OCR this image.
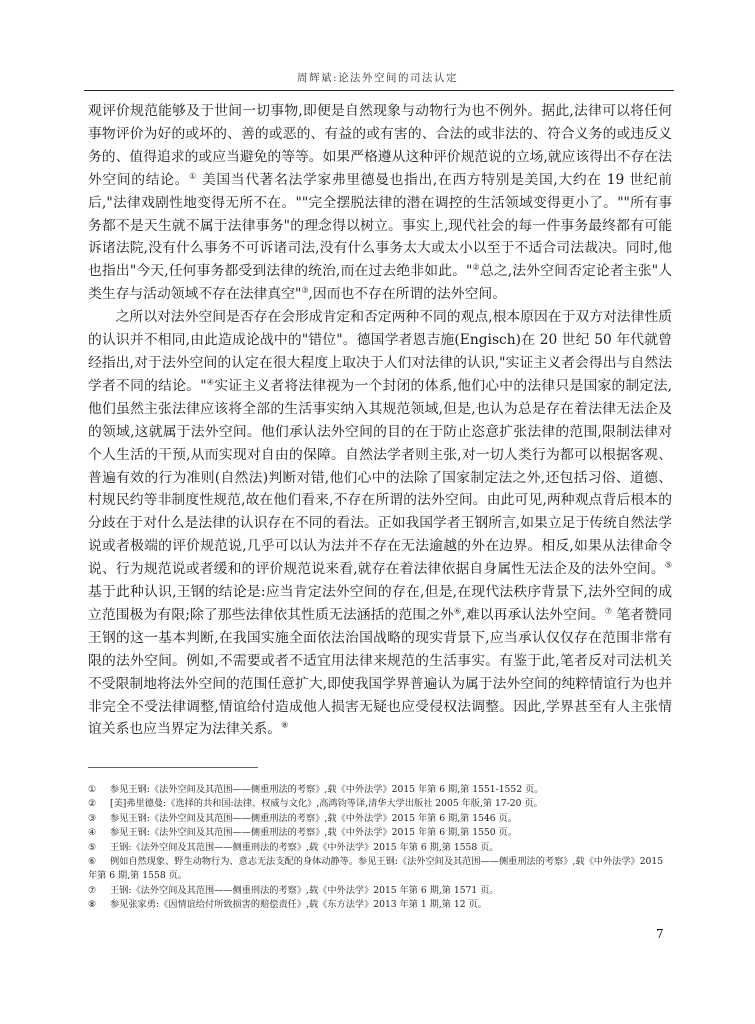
周辉斌:论法外空间的司法认定

观评价规范能够及于世间一切事物,即便是自然现象与动物行为也不例外。据此,法律可以将任何事物评价为好的或坏的、善的或恶的、有益的或有害的、合法的或非法的、符合义务的或违反义务的、值得追求的或应当避免的等等。如果严格遵从这种评价规范说的立场,就应该得出不存在法外空间的结论。① 美国当代著名法学家弗里德曼也指出,在西方特别是美国,大约在 19 世纪前后,"法律戏剧性地变得无所不在。""完全摆脱法律的潜在调控的生活领域变得更小了。""所有事务都不是天生就不属于法律事务"的理念得以树立。事实上,现代社会的每一件事务最终都有可能诉诸法院,没有什么事务不可诉诸司法,没有什么事务太大或太小以至于不适合司法裁决。同时,他也指出"今天,任何事务都受到法律的统治,而在过去绝非如此。"②总之,法外空间否定论者主张"人类生存与活动领域不存在法律真空"③,因而也不存在所谓的法外空间。

之所以对法外空间是否存在会形成肯定和否定两种不同的观点,根本原因在于双方对法律性质的认识并不相同,由此造成论战中的"错位"。德国学者恩吉施(Engisch)在 20 世纪 50 年代就曾经指出,对于法外空间的认定在很大程度上取决于人们对法律的认识,"实证主义者会得出与自然法学者不同的结论。"④实证主义者将法律视为一个封闭的体系,他们心中的法律只是国家的制定法,他们虽然主张法律应该将全部的生活事实纳入其规范领域,但是,也认为总是存在着法律无法企及的领域,这就属于法外空间。他们承认法外空间的目的在于防止恣意扩张法律的范围,限制法律对个人生活的干预,从而实现对自由的保障。自然法学者则主张,对一切人类行为都可以根据客观、普遍有效的行为准则(自然法)判断对错,他们心中的法除了国家制定法之外,还包括习俗、道德、村规民约等非制度性规范,故在他们看来,不存在所谓的法外空间。由此可见,两种观点背后根本的分歧在于对什么是法律的认识存在不同的看法。正如我国学者王钢所言,如果立足于传统自然法学说或者极端的评价规范说,几乎可以认为法并不存在无法逾越的外在边界。相反,如果从法律命令说、行为规范说或者缓和的评价规范说来看,就存在着法律依据自身属性无法企及的法外空间。⑤ 基于此种认识,王钢的结论是:应当肯定法外空间的存在,但是,在现代法秩序背景下,法外空间的成立范围极为有限;除了那些法律依其性质无法涵括的范围之外⑥,难以再承认法外空间。⑦ 笔者赞同王钢的这一基本判断,在我国实施全面依法治国战略的现实背景下,应当承认仅仅存在范围非常有限的法外空间。例如,不需要或者不适宜用法律来规范的生活事实。有鉴于此,笔者反对司法机关不受限制地将法外空间的范围任意扩大,即使我国学界普遍认为属于法外空间的纯粹情谊行为也并非完全不受法律调整,情谊给付造成他人损害无疑也应受侵权法调整。因此,学界甚至有人主张情谊关系也应当界定为法律关系。⑧

①	参见王钢:《法外空间及其范围——侧重刑法的考察》,载《中外法学》2015 年第 6 期,第 1551-1552 页。
②	[美]弗里德曼:《选择的共和国:法律、权威与文化》,高鸿钧等译,清华大学出版社 2005 年版,第 17-20 页。
③	参见王钢:《法外空间及其范围——侧重刑法的考察》,载《中外法学》2015 年第 6 期,第 1546 页。
④	参见王钢:《法外空间及其范围——侧重刑法的考察》,载《中外法学》2015 年第 6 期,第 1550 页。
⑤	王钢:《法外空间及其范围——侧重刑法的考察》,载《中外法学》2015 年第 6 期,第 1558 页。
⑥ 例如自然现象、野生动物行为、意志无法支配的身体动静等。参见王钢:《法外空间及其范围——侧重刑法的考察》,载《中外法学》2015 年第 6 期,第 1558 页。
⑦	王钢:《法外空间及其范围——侧重刑法的考察》,载《中外法学》2015 年第 6 期,第 1571 页。
⑧	参见张家勇:《因情谊给付所致损害的赔偿责任》,载《东方法学》2013 年第 1 期,第 12 页。
7
